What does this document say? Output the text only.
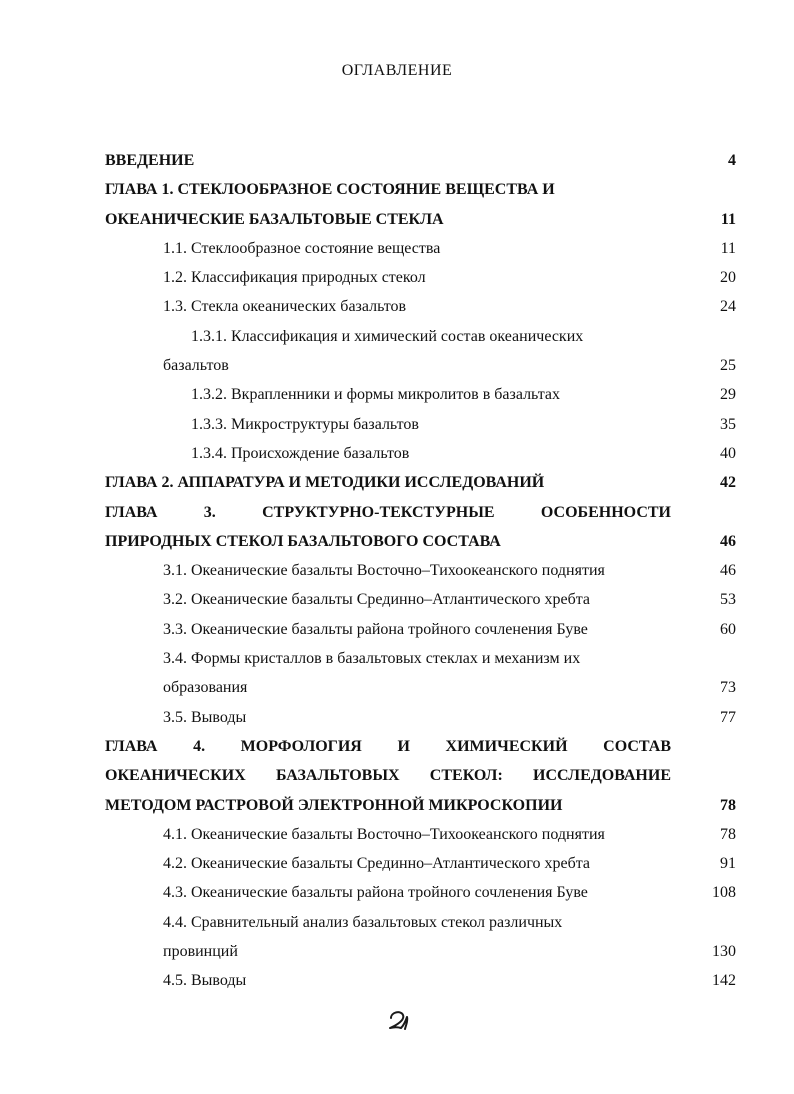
ОГЛАВЛЕНИЕ
ВВЕДЕНИЕ	4
ГЛАВА 1. СТЕКЛООБРАЗНОЕ СОСТОЯНИЕ ВЕЩЕСТВА И
ОКЕАНИЧЕСКИЕ БАЗАЛЬТОВЫЕ СТЕКЛА	11
1.1. Стеклообразное состояние вещества	11
1.2. Классификация природных стекол	20
1.3. Стекла океанических базальтов	24
1.3.1. Классификация и химический состав океанических
базальтов	25
1.3.2. Вкрапленники и формы микролитов в базальтах	29
1.3.3. Микроструктуры базальтов	35
1.3.4. Происхождение базальтов	40
ГЛАВА 2. АППАРАТУРА И МЕТОДИКИ ИССЛЕДОВАНИЙ	42
ГЛАВА 3. СТРУКТУРНО-ТЕКСТУРНЫЕ ОСОБЕННОСТИ
ПРИРОДНЫХ СТЕКОЛ БАЗАЛЬТОВОГО СОСТАВА	46
3.1. Океанические базальты Восточно–Тихоокеанского поднятия	46
3.2. Океанические базальты Срединно–Атлантического хребта	53
3.3. Океанические базальты района тройного сочленения Буве	60
3.4. Формы кристаллов в базальтовых стеклах и механизм их
образования	73
3.5. Выводы	77
ГЛАВА 4. МОРФОЛОГИЯ И ХИМИЧЕСКИЙ СОСТАВ
ОКЕАНИЧЕСКИХ БАЗАЛЬТОВЫХ СТЕКОЛ: ИССЛЕДОВАНИЕ
МЕТОДОМ РАСТРОВОЙ ЭЛЕКТРОННОЙ МИКРОСКОПИИ	78
4.1. Океанические базальты Восточно–Тихоокеанского поднятия	78
4.2. Океанические базальты Срединно–Атлантического хребта	91
4.3. Океанические базальты района тройного сочленения Буве	108
4.4. Сравнительный анализ базальтовых стекол различных
провинций	130
4.5. Выводы	142
